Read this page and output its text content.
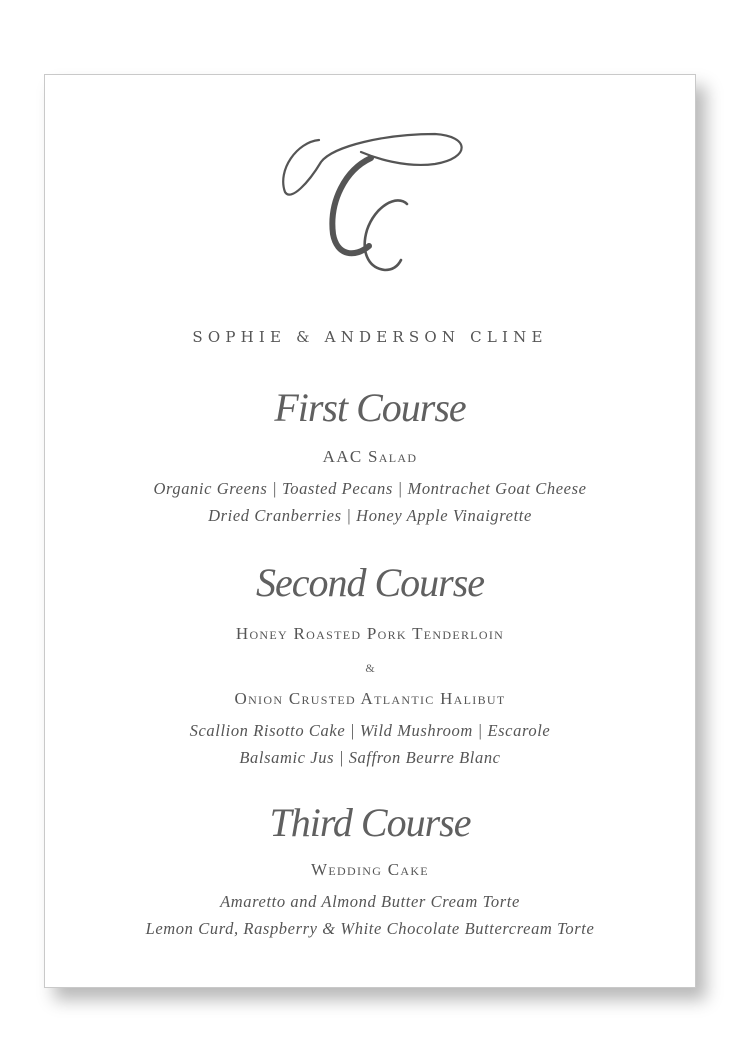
SOPHIE & ANDERSON CLINE
First Course
AAC Salad
Organic Greens | Toasted Pecans | Montrachet Goat Cheese
Dried Cranberries | Honey Apple Vinaigrette
Second Course
Honey Roasted Pork Tenderloin
&
Onion Crusted Atlantic Halibut
Scallion Risotto Cake | Wild Mushroom | Escarole
Balsamic Jus | Saffron Beurre Blanc
Third Course
Wedding Cake
Amaretto and Almond Butter Cream Torte
Lemon Curd, Raspberry & White Chocolate Buttercream Torte
